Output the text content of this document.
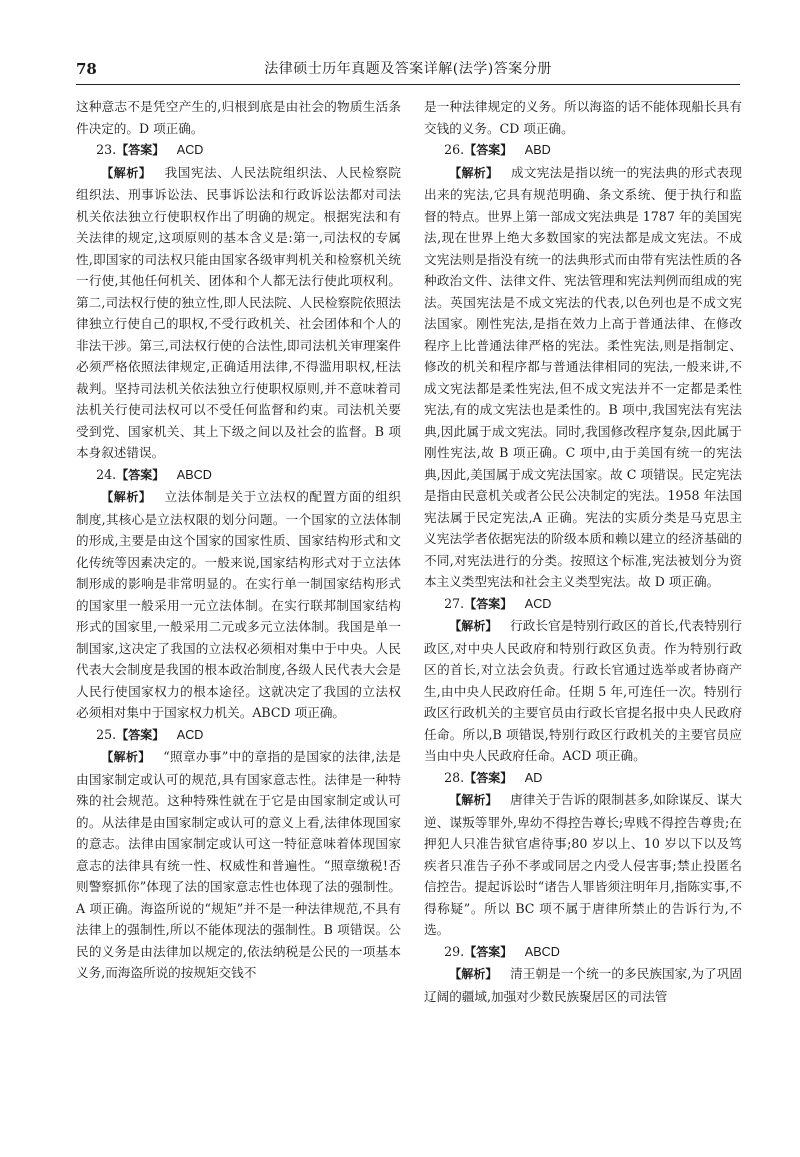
78	法律硕士历年真题及答案详解(法学)答案分册

这种意志不是凭空产生的,归根到底是由社会的物质生活条件决定的。D 项正确。

23.【答案】  ACD

【解析】  我国宪法、人民法院组织法、人民检察院组织法、刑事诉讼法、民事诉讼法和行政诉讼法都对司法机关依法独立行使职权作出了明确的规定。根据宪法和有关法律的规定,这项原则的基本含义是:第一,司法权的专属性,即国家的司法权只能由国家各级审判机关和检察机关统一行使,其他任何机关、团体和个人都无法行使此项权利。第二,司法权行使的独立性,即人民法院、人民检察院依照法律独立行使自己的职权,不受行政机关、社会团体和个人的非法干涉。第三,司法权行使的合法性,即司法机关审理案件必须严格依照法律规定,正确适用法律,不得滥用职权,枉法裁判。坚持司法机关依法独立行使职权原则,并不意味着司法机关行使司法权可以不受任何监督和约束。司法机关要受到党、国家机关、其上下级之间以及社会的监督。B 项本身叙述错误。

24.【答案】  ABCD

【解析】  立法体制是关于立法权的配置方面的组织制度,其核心是立法权限的划分问题。一个国家的立法体制的形成,主要是由这个国家的国家性质、国家结构形式和文化传统等因素决定的。一般来说,国家结构形式对于立法体制形成的影响是非常明显的。在实行单一制国家结构形式的国家里一般采用一元立法体制。在实行联邦制国家结构形式的国家里,一般采用二元或多元立法体制。我国是单一制国家,这决定了我国的立法权必须相对集中于中央。人民代表大会制度是我国的根本政治制度,各级人民代表大会是人民行使国家权力的根本途径。这就决定了我国的立法权必须相对集中于国家权力机关。ABCD 项正确。

25.【答案】  ACD

【解析】  “照章办事”中的章指的是国家的法律,法是由国家制定或认可的规范,具有国家意志性。法律是一种特殊的社会规范。这种特殊性就在于它是由国家制定或认可的。从法律是由国家制定或认可的意义上看,法律体现国家的意志。法律由国家制定或认可这一特征意味着体现国家意志的法律具有统一性、权威性和普遍性。“照章缴税!否则警察抓你”体现了法的国家意志性也体现了法的强制性。A 项正确。海盗所说的“规矩”并不是一种法律规范,不具有法律上的强制性,所以不能体现法的强制性。B 项错误。公民的义务是由法律加以规定的,依法纳税是公民的一项基本义务,而海盗所说的按规矩交钱不

是一种法律规定的义务。所以海盗的话不能体现船长具有交钱的义务。CD 项正确。

26.【答案】  ABD

【解析】  成文宪法是指以统一的宪法典的形式表现出来的宪法,它具有规范明确、条文系统、便于执行和监督的特点。世界上第一部成文宪法典是 1787 年的美国宪法,现在世界上绝大多数国家的宪法都是成文宪法。不成文宪法则是指没有统一的法典形式而由带有宪法性质的各种政治文件、法律文件、宪法管理和宪法判例而组成的宪法。英国宪法是不成文宪法的代表,以色列也是不成文宪法国家。刚性宪法,是指在效力上高于普通法律、在修改程序上比普通法律严格的宪法。柔性宪法,则是指制定、修改的机关和程序都与普通法律相同的宪法,一般来讲,不成文宪法都是柔性宪法,但不成文宪法并不一定都是柔性宪法,有的成文宪法也是柔性的。B 项中,我国宪法有宪法典,因此属于成文宪法。同时,我国修改程序复杂,因此属于刚性宪法,故 B 项正确。C 项中,由于美国有统一的宪法典,因此,美国属于成文宪法国家。故 C 项错误。民定宪法是指由民意机关或者公民公决制定的宪法。1958 年法国宪法属于民定宪法,A 正确。宪法的实质分类是马克思主义宪法学者依据宪法的阶级本质和赖以建立的经济基础的不同,对宪法进行的分类。按照这个标准,宪法被划分为资本主义类型宪法和社会主义类型宪法。故 D 项正确。

27.【答案】  ACD

【解析】  行政长官是特别行政区的首长,代表特别行政区,对中央人民政府和特别行政区负责。作为特别行政区的首长,对立法会负责。行政长官通过选举或者协商产生,由中央人民政府任命。任期 5 年,可连任一次。特别行政区行政机关的主要官员由行政长官提名报中央人民政府任命。所以,B 项错误,特别行政区行政机关的主要官员应当由中央人民政府任命。ACD 项正确。

28.【答案】  AD

【解析】  唐律关于告诉的限制甚多,如除谋反、谋大逆、谋叛等罪外,卑幼不得控告尊长;卑贱不得控告尊贵;在押犯人只准告狱官虐待事;80 岁以上、10 岁以下以及笃疾者只准告子孙不孝或同居之内受人侵害事;禁止投匿名信控告。提起诉讼时“诸告人罪皆须注明年月,指陈实事,不得称疑”。所以 BC 项不属于唐律所禁止的告诉行为,不选。

29.【答案】  ABCD

【解析】  清王朝是一个统一的多民族国家,为了巩固辽阔的疆域,加强对少数民族聚居区的司法管
